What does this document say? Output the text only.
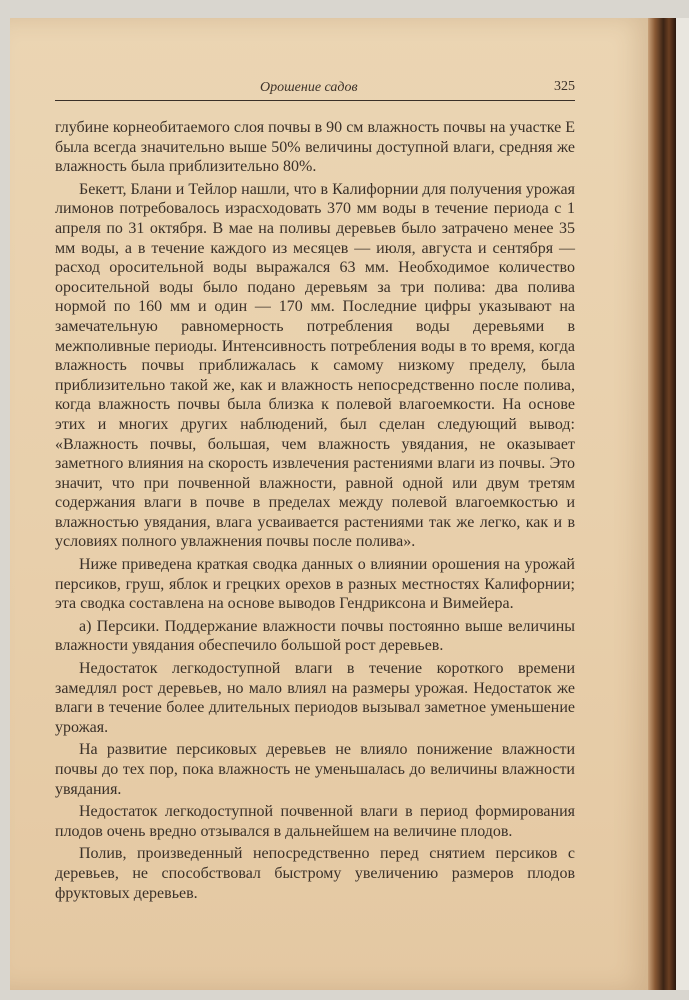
Орошение садов	325

глубине корнеобитаемого слоя почвы в 90 см влажность почвы на участке E была всегда значительно выше 50% величины доступной влаги, средняя же влажность была приблизительно 80%.

Бекетт, Блани и Тейлор нашли, что в Калифорнии для получения урожая лимонов потребовалось израсходовать 370 мм воды в течение периода с 1 апреля по 31 октября. В мае на поливы деревьев было затрачено менее 35 мм воды, а в течение каждого из месяцев — июля, августа и сентября — расход оросительной воды выражался 63 мм. Необходимое количество оросительной воды было подано деревьям за три полива: два полива нормой по 160 мм и один — 170 мм. Последние цифры указывают на замечательную равномерность потребления воды деревьями в межполивные периоды. Интенсивность потребления воды в то время, когда влажность почвы приближалась к самому низкому пределу, была приблизительно такой же, как и влажность непосредственно после полива, когда влажность почвы была близка к полевой влагоемкости. На основе этих и многих других наблюдений, был сделан следующий вывод: «Влажность почвы, большая, чем влажность увядания, не оказывает заметного влияния на скорость извлечения растениями влаги из почвы. Это значит, что при почвенной влажности, равной одной или двум третям содержания влаги в почве в пределах между полевой влагоемкостью и влажностью увядания, влага усваивается растениями так же легко, как и в условиях полного увлажнения почвы после полива».

Ниже приведена краткая сводка данных о влиянии орошения на урожай персиков, груш, яблок и грецких орехов в разных местностях Калифорнии; эта сводка составлена на основе выводов Гендриксона и Вимейера.

а) Персики. Поддержание влажности почвы постоянно выше величины влажности увядания обеспечило большой рост деревьев.

Недостаток легкодоступной влаги в течение короткого времени замедлял рост деревьев, но мало влиял на размеры урожая. Недостаток же влаги в течение более длительных периодов вызывал заметное уменьшение урожая.

На развитие персиковых деревьев не влияло понижение влажности почвы до тех пор, пока влажность не уменьшалась до величины влажности увядания.

Недостаток легкодоступной почвенной влаги в период формирования плодов очень вредно отзывался в дальнейшем на величине плодов.

Полив, произведенный непосредственно перед снятием персиков с деревьев, не способствовал быстрому увеличению размеров плодов фруктовых деревьев.
